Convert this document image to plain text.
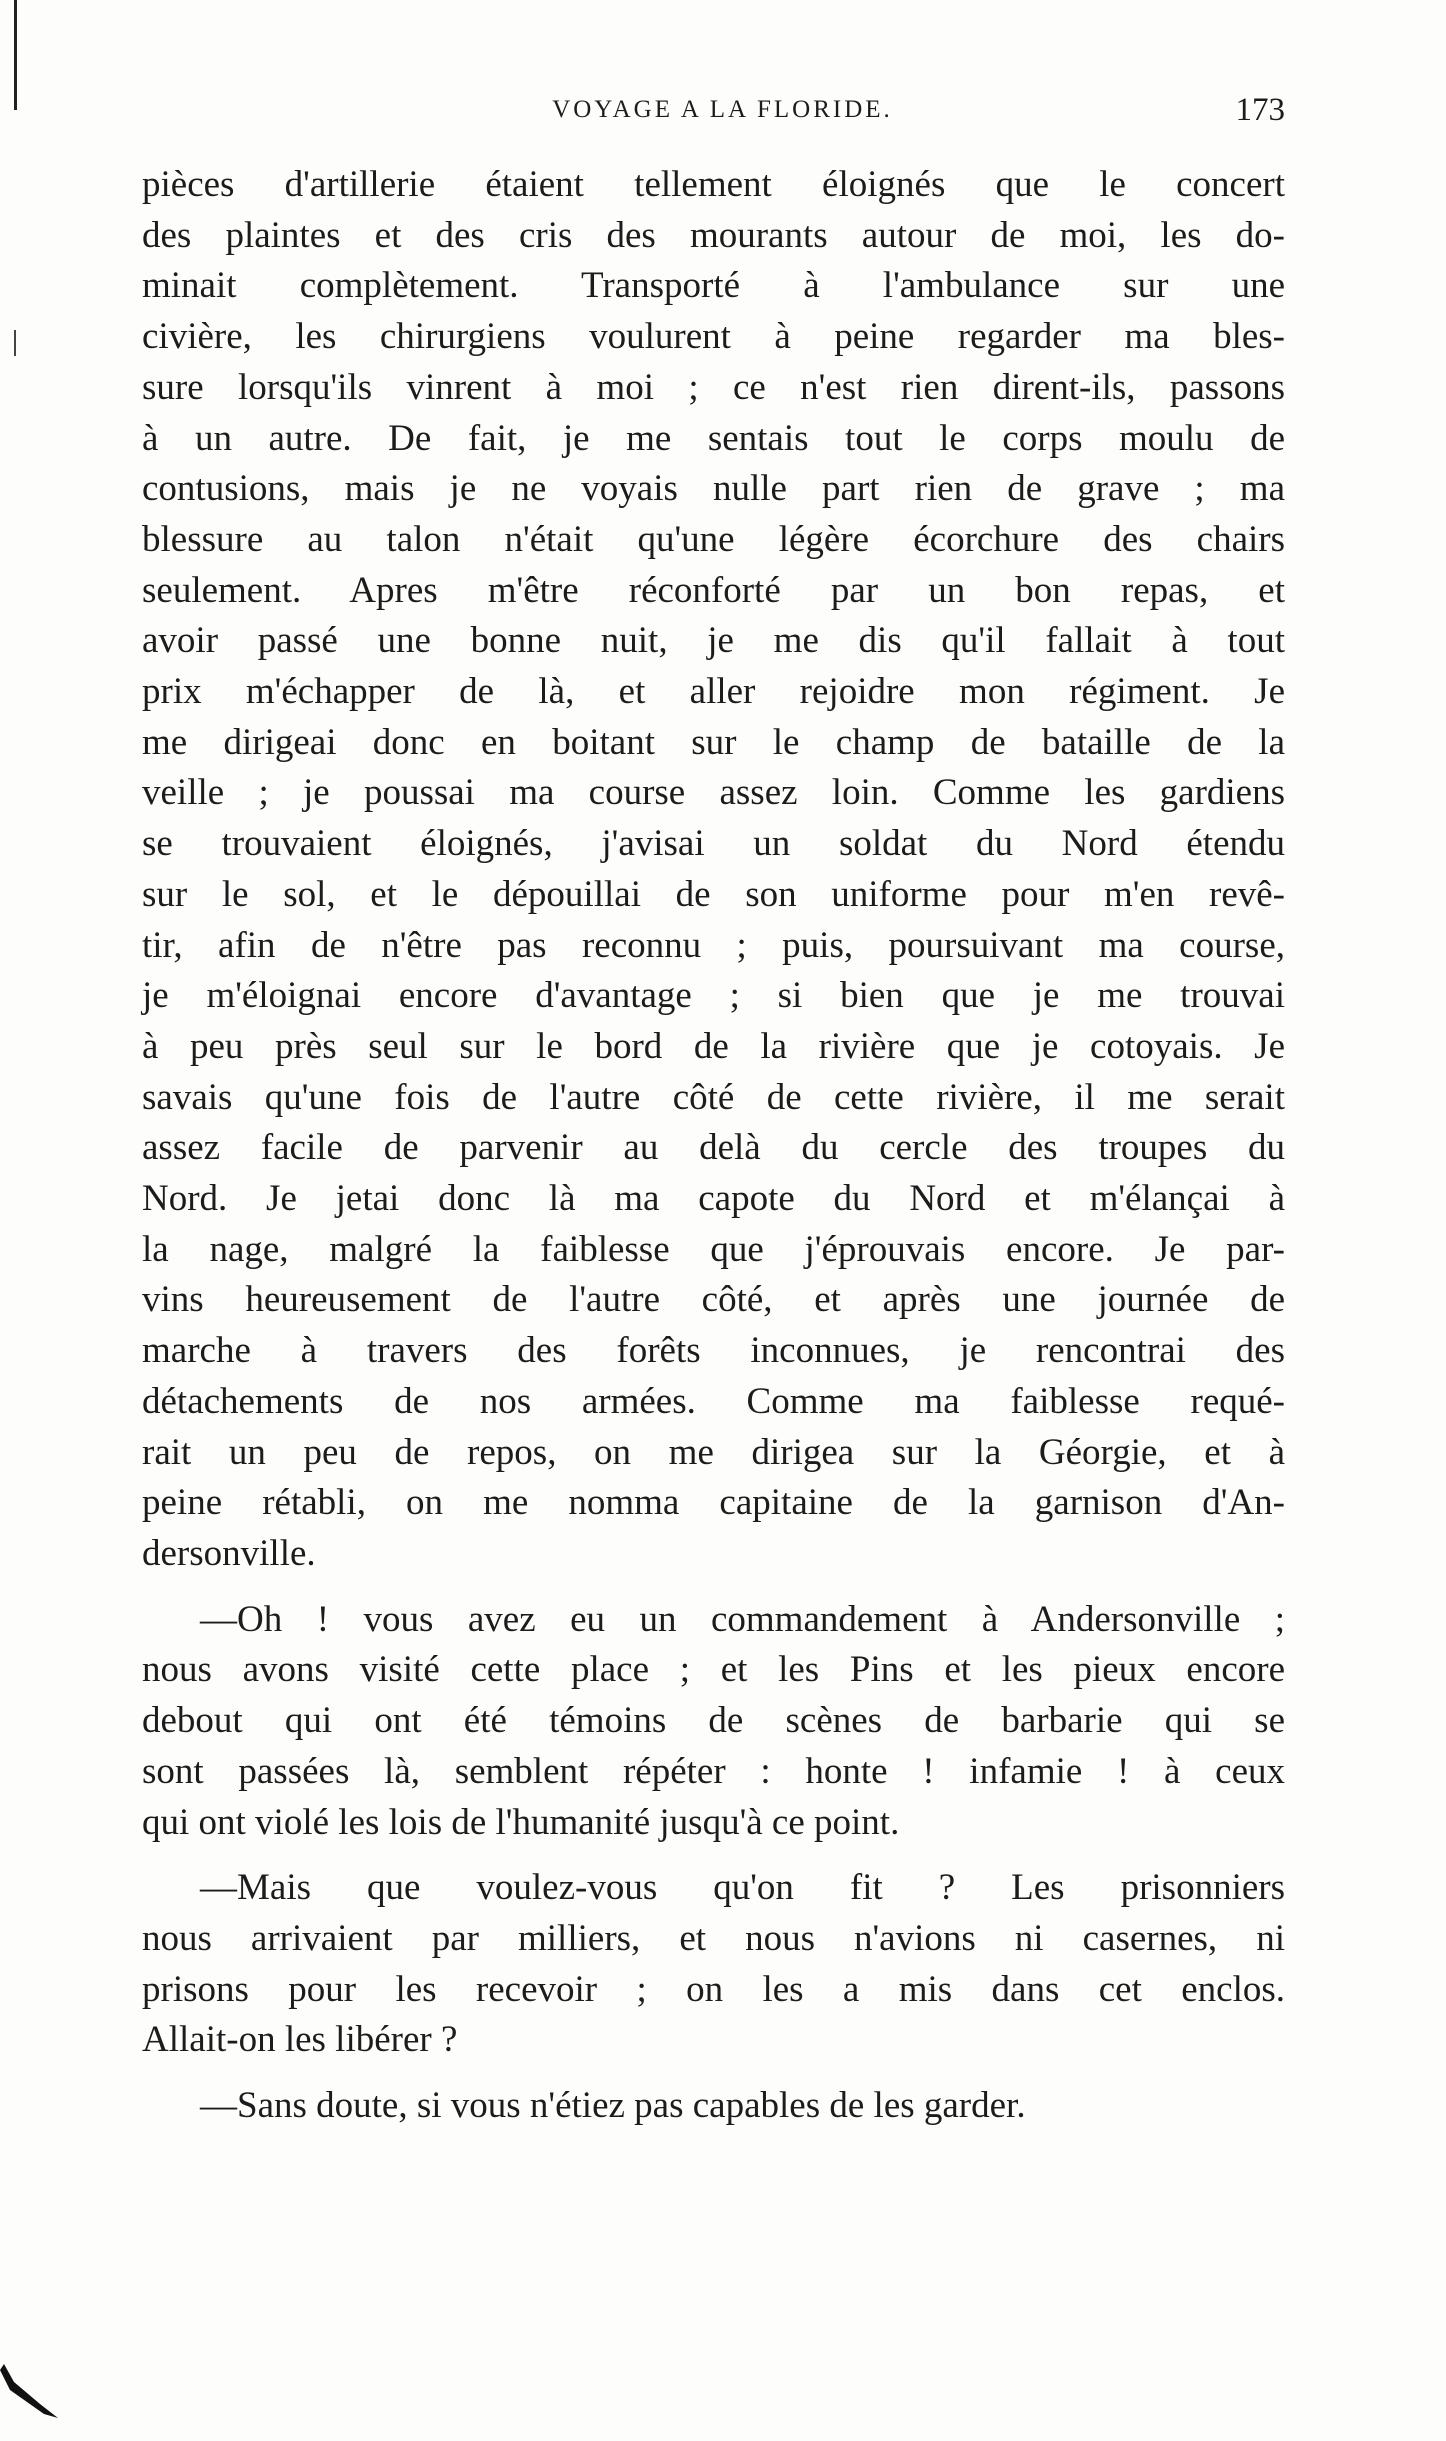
VOYAGE A LA FLORIDE.	173

pièces d'artillerie étaient tellement éloignés que le concert

des plaintes et des cris des mourants autour de moi, les do-

minait complètement. Transporté à l'ambulance sur une

civière, les chirurgiens voulurent à peine regarder ma bles-

sure lorsqu'ils vinrent à moi ; ce n'est rien dirent-ils, passons

à un autre. De fait, je me sentais tout le corps moulu de

contusions, mais je ne voyais nulle part rien de grave ; ma

blessure au talon n'était qu'une légère écorchure des chairs

seulement. Apres m'être réconforté par un bon repas, et

avoir passé une bonne nuit, je me dis qu'il fallait à tout

prix m'échapper de là, et aller rejoidre mon régiment. Je

me dirigeai donc en boitant sur le champ de bataille de la

veille ; je poussai ma course assez loin. Comme les gardiens

se trouvaient éloignés, j'avisai un soldat du Nord étendu

sur le sol, et le dépouillai de son uniforme pour m'en revê-

tir, afin de n'être pas reconnu ; puis, poursuivant ma course,

je m'éloignai encore d'avantage ; si bien que je me trouvai

à peu près seul sur le bord de la rivière que je cotoyais. Je

savais qu'une fois de l'autre côté de cette rivière, il me serait

assez facile de parvenir au delà du cercle des troupes du

Nord. Je jetai donc là ma capote du Nord et m'élançai à

la nage, malgré la faiblesse que j'éprouvais encore. Je par-

vins heureusement de l'autre côté, et après une journée de

marche à travers des forêts inconnues, je rencontrai des

détachements de nos armées. Comme ma faiblesse requé-

rait un peu de repos, on me dirigea sur la Géorgie, et à

peine rétabli, on me nomma capitaine de la garnison d'An-

dersonville.

—Oh ! vous avez eu un commandement à Andersonville ;

nous avons visité cette place ; et les Pins et les pieux encore

debout qui ont été témoins de scènes de barbarie qui se

sont passées là, semblent répéter : honte ! infamie ! à ceux

qui ont violé les lois de l'humanité jusqu'à ce point.

—Mais que voulez-vous qu'on fit ? Les prisonniers

nous arrivaient par milliers, et nous n'avions ni casernes, ni

prisons pour les recevoir ; on les a mis dans cet enclos.

Allait-on les libérer ?

—Sans doute, si vous n'étiez pas capables de les garder.
